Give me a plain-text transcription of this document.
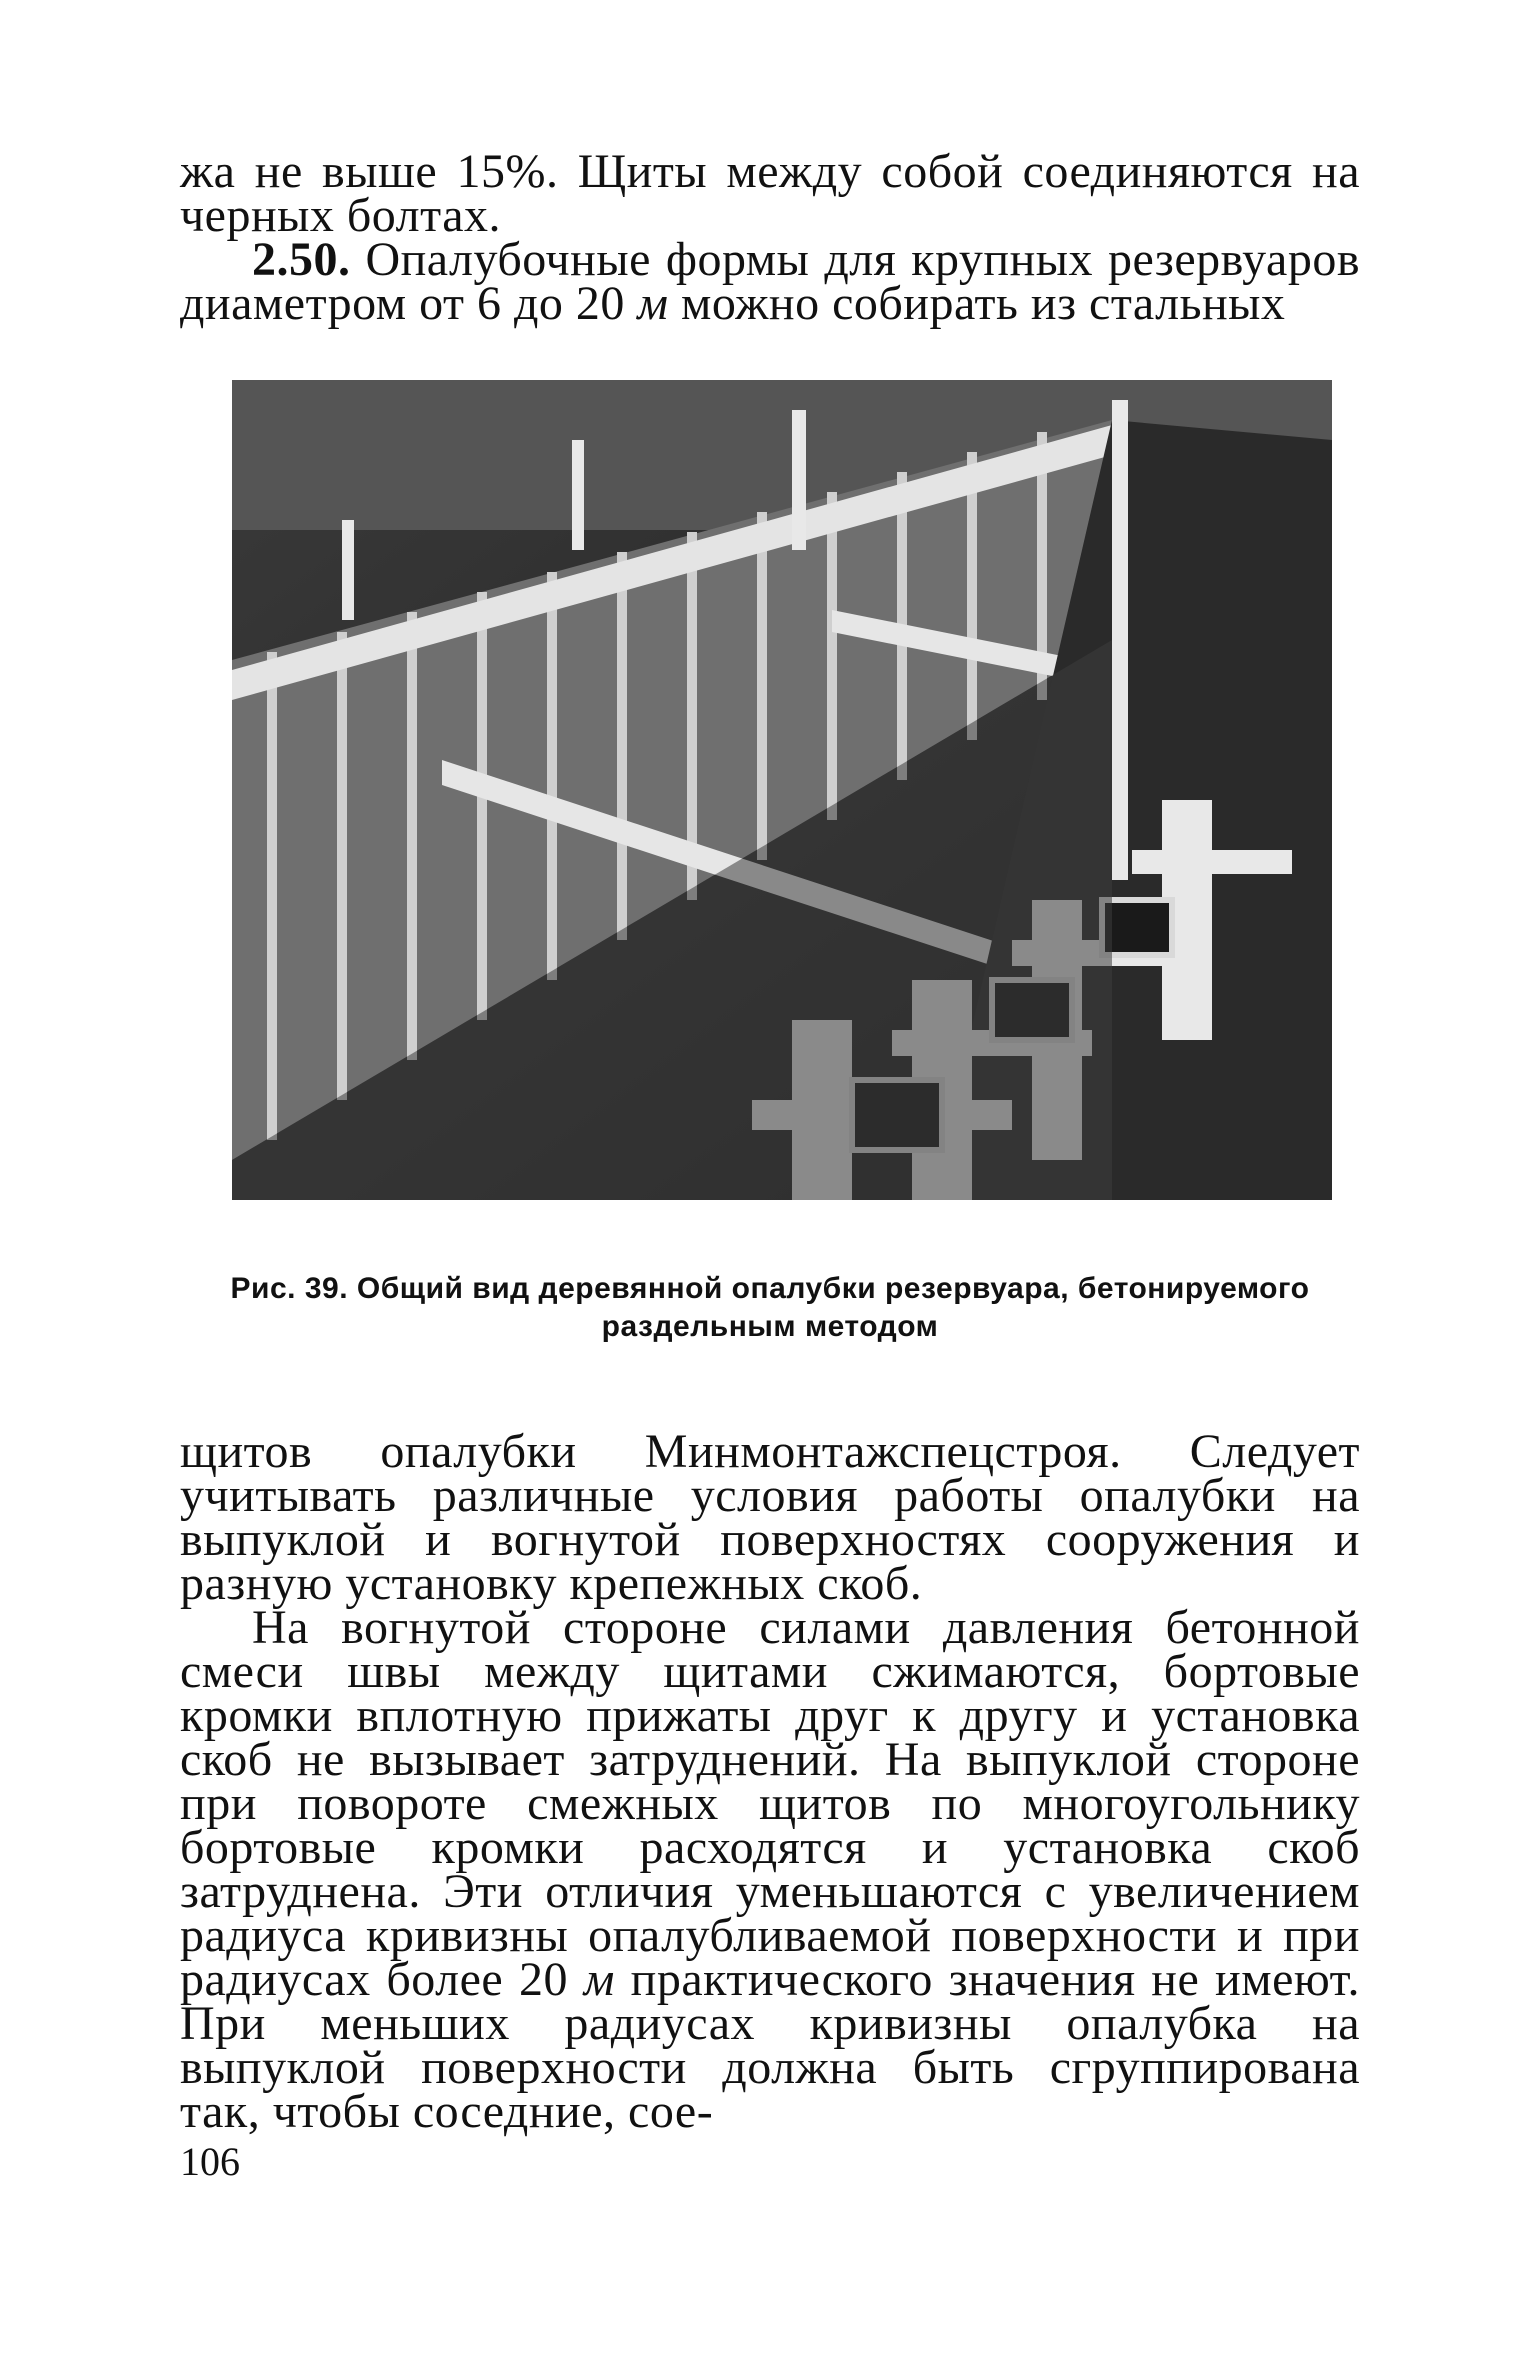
жа не выше 15%. Щиты между собой соединяются на черных болтах.

2.50. Опалубочные формы для крупных резервуаров диаметром от 6 до 20 м можно собирать из стальных

Рис. 39. Общий вид деревянной опалубки резервуара, бетонируемого раздельным методом

щитов опалубки Минмонтажспецстроя. Следует учитывать различные условия работы опалубки на выпуклой и вогнутой поверхностях сооружения и разную установку крепежных скоб.

На вогнутой стороне силами давления бетонной смеси швы между щитами сжимаются, бортовые кромки вплотную прижаты друг к другу и установка скоб не вызывает затруднений. На выпуклой стороне при повороте смежных щитов по многоугольнику бортовые кромки расходятся и установка скоб затруднена. Эти отличия уменьшаются с увеличением радиуса кривизны опалубливаемой поверхности и при радиусах более 20 м практического значения не имеют. При меньших радиусах кривизны опалубка на выпуклой поверхности должна быть сгруппирована так, чтобы соседние, сое-

106
